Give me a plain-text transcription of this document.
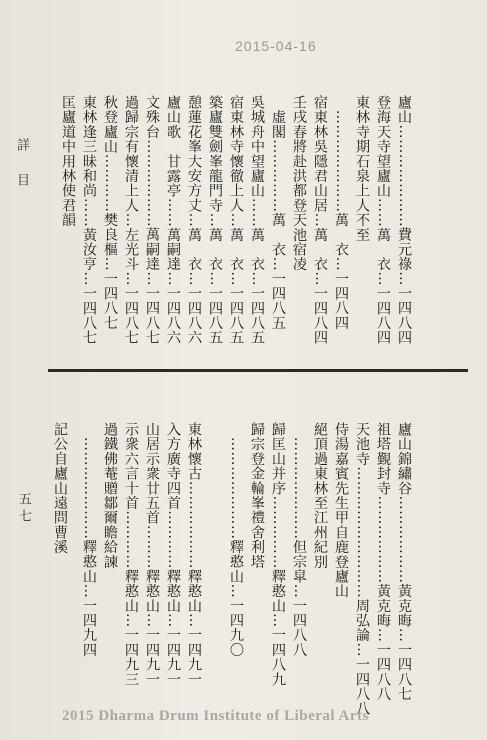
2015-04-16
詳目
五七
廬山…………………費元祿…一四八四
登海天寺望廬山……萬　衣…一四八四
東林寺期石泉上人不至
　…………………萬　衣…一四八四
宿東林吳隱君山居…萬　衣…一四八四
壬戌春將赴洪都登天池宿凌
　虛閣……………萬　衣…一四八五
吳城舟中望廬山……萬　衣…一四八五
宿東林寺懷徹上人…萬　衣…一四八五
築廬雙劍峯龍門寺…萬　衣…一四八五
憩蓮花峯大安方丈…萬　衣…一四八六
廬山歌　甘露亭……萬嗣達…一四八六
文殊台………………萬嗣達…一四八七
過歸宗有懷清上人…左光斗…一四八七
秋登廬山…………樊良樞…一四八七
東林逢三昧和尚……黃汝亨…一四八七
匡廬道中用林使君韻
廬山錦繡谷………………黃克晦…一四八七
祖塔覲封寺………………黃克晦…一四八八
天池寺………………………周弘論…一四八八
侍湯嘉賓先生甲自鹿登廬山
絕頂過東林至江州紀別
　…………………但宗皐…一四八八
歸匡山并序……………釋憨山…一四八九
歸宗登金輪峯禮舍利塔
　…………………釋憨山…一四九〇
東林懷古………………釋憨山…一四九一
入方廣寺四首…………釋憨山…一四九一
山居示衆廿五首………釋憨山…一四九一
示衆六言十首…………釋憨山…一四九三
過鐵佛菴贈鄒爾瞻給諫
　…………………釋憨山…一四九四
記公自廬山遠問曹溪
2015 Dharma Drum Institute of Liberal Arts
